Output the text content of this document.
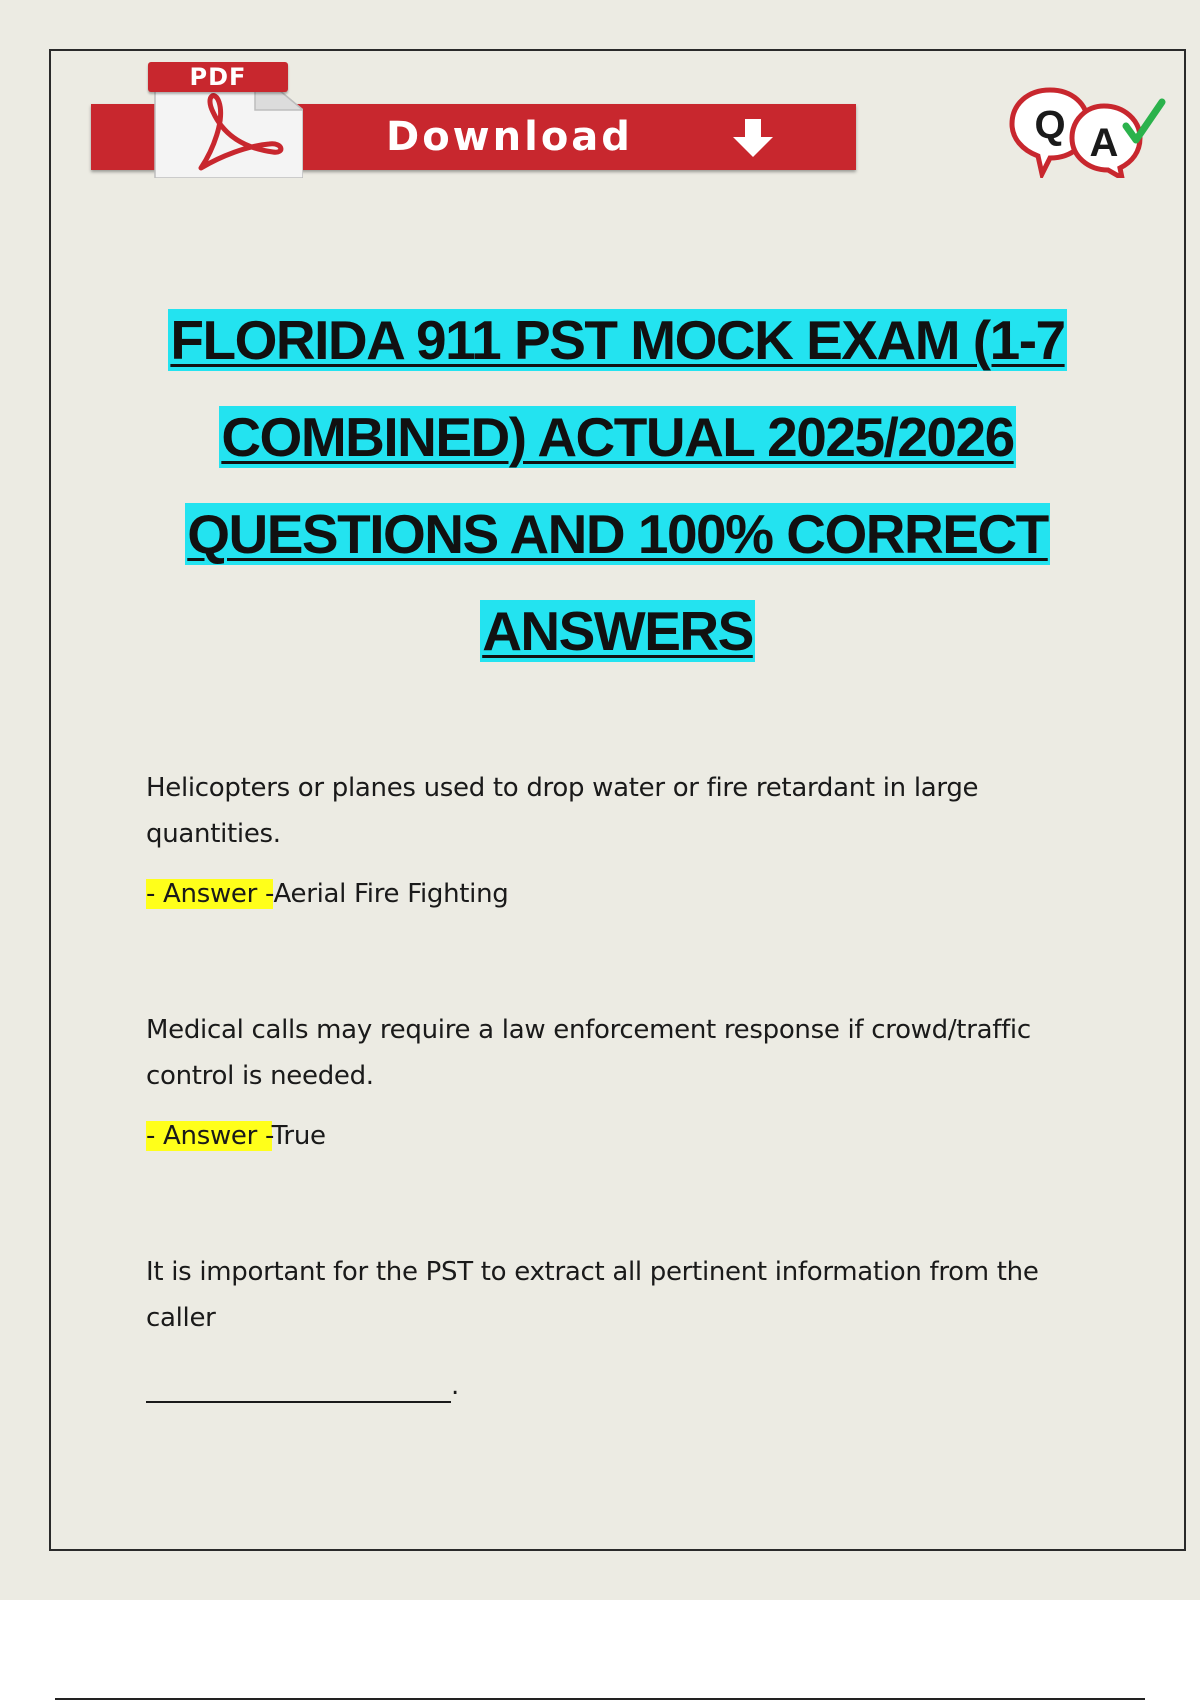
Download
PDF
Q A
FLORIDA 911 PST MOCK EXAM (1-7
COMBINED) ACTUAL 2025/2026
QUESTIONS AND 100% CORRECT
ANSWERS

Helicopters or planes used to drop water or fire retardant in large quantities.

- Answer -Aerial Fire Fighting

Medical calls may require a law enforcement response if crowd/traffic control is needed.

- Answer -True

It is important for the PST to extract all pertinent information from the caller

.
